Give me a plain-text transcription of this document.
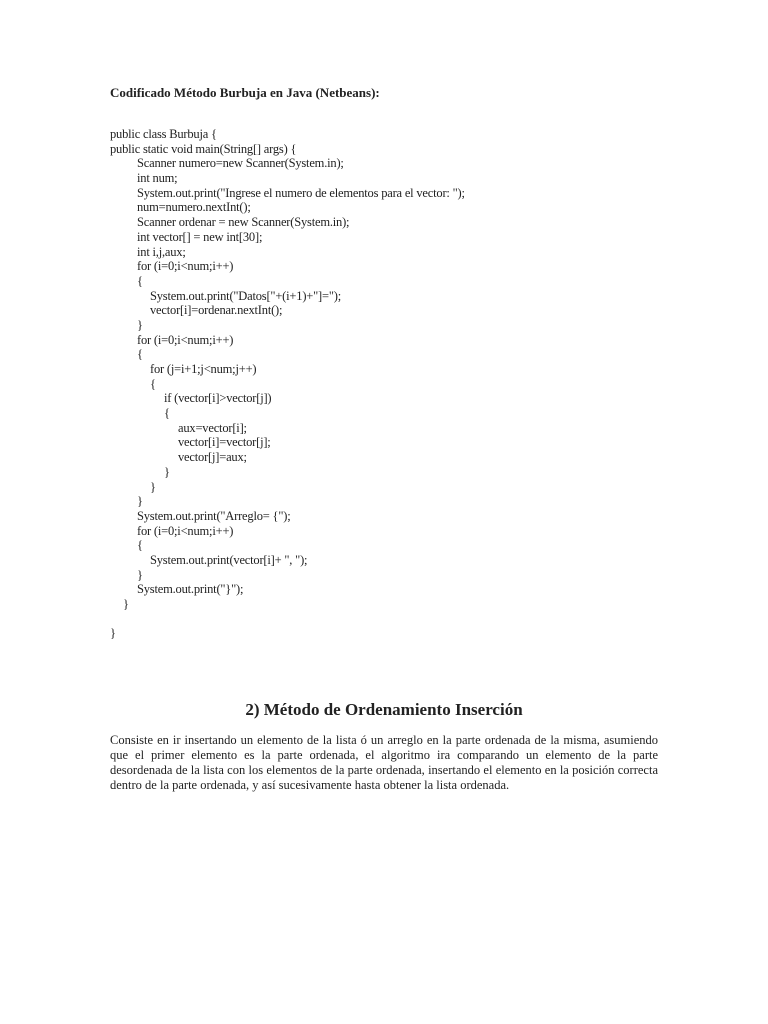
Codificado Método Burbuja en Java (Netbeans):

public class Burbuja {
public static void main(String[] args) {
Scanner numero=new Scanner(System.in);
int num;
System.out.print("Ingrese el numero de elementos para el vector: ");
num=numero.nextInt();
Scanner ordenar = new Scanner(System.in);
int vector[] = new int[30];
int i,j,aux;
for (i=0;i<num;i++)
{
System.out.print("Datos["+(i+1)+"]=");
vector[i]=ordenar.nextInt();
}
for (i=0;i<num;i++)
{
for (j=i+1;j<num;j++)
{
if (vector[i]>vector[j])
{
aux=vector[i];
vector[i]=vector[j];
vector[j]=aux;
}
}
}
System.out.print("Arreglo= {");
for (i=0;i<num;i++)
{
System.out.print(vector[i]+ ", ");
}
System.out.print("}");
}
}
2) Método de Ordenamiento Inserción

Consiste en ir insertando un elemento de la lista ó un arreglo en la parte ordenada de la misma, asumiendo que el primer elemento es la parte ordenada, el algoritmo ira comparando un elemento de la parte desordenada de la lista con los elementos de la parte ordenada, insertando el elemento en la posición correcta dentro de la parte ordenada, y así sucesivamente hasta obtener la lista ordenada.
